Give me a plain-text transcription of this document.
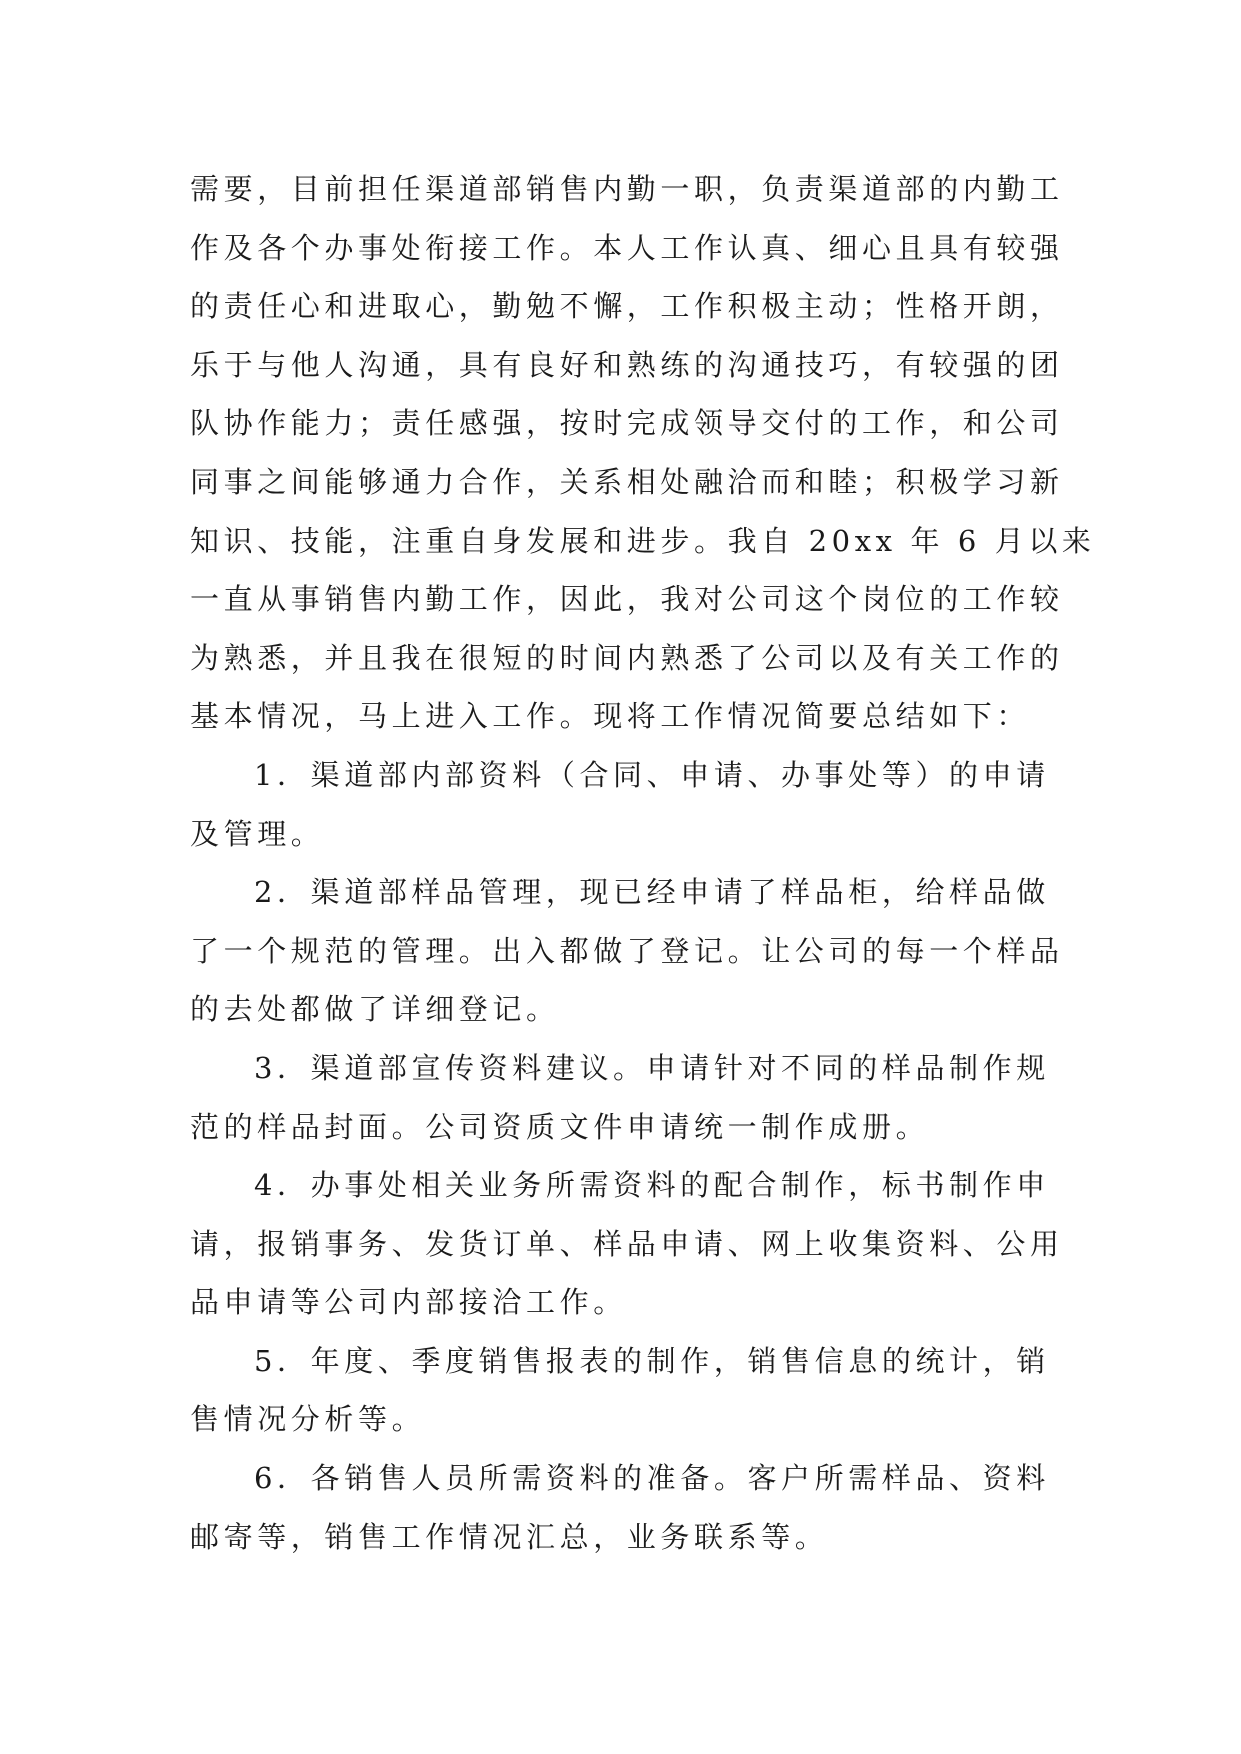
需要，目前担任渠道部销售内勤一职，负责渠道部的内勤工
作及各个办事处衔接工作。本人工作认真、细心且具有较强
的责任心和进取心，勤勉不懈，工作积极主动；性格开朗，
乐于与他人沟通，具有良好和熟练的沟通技巧，有较强的团
队协作能力；责任感强，按时完成领导交付的工作，和公司
同事之间能够通力合作，关系相处融洽而和睦；积极学习新
知识、技能，注重自身发展和进步。我自 20xx 年 6 月以来
一直从事销售内勤工作，因此，我对公司这个岗位的工作较
为熟悉，并且我在很短的时间内熟悉了公司以及有关工作的
基本情况，马上进入工作。现将工作情况简要总结如下：
1．渠道部内部资料（合同、申请、办事处等）的申请
及管理。
2．渠道部样品管理，现已经申请了样品柜，给样品做
了一个规范的管理。出入都做了登记。让公司的每一个样品
的去处都做了详细登记。
3．渠道部宣传资料建议。申请针对不同的样品制作规
范的样品封面。公司资质文件申请统一制作成册。
4．办事处相关业务所需资料的配合制作，标书制作申
请，报销事务、发货订单、样品申请、网上收集资料、公用
品申请等公司内部接洽工作。
5．年度、季度销售报表的制作，销售信息的统计，销
售情况分析等。
6．各销售人员所需资料的准备。客户所需样品、资料
邮寄等，销售工作情况汇总，业务联系等。
